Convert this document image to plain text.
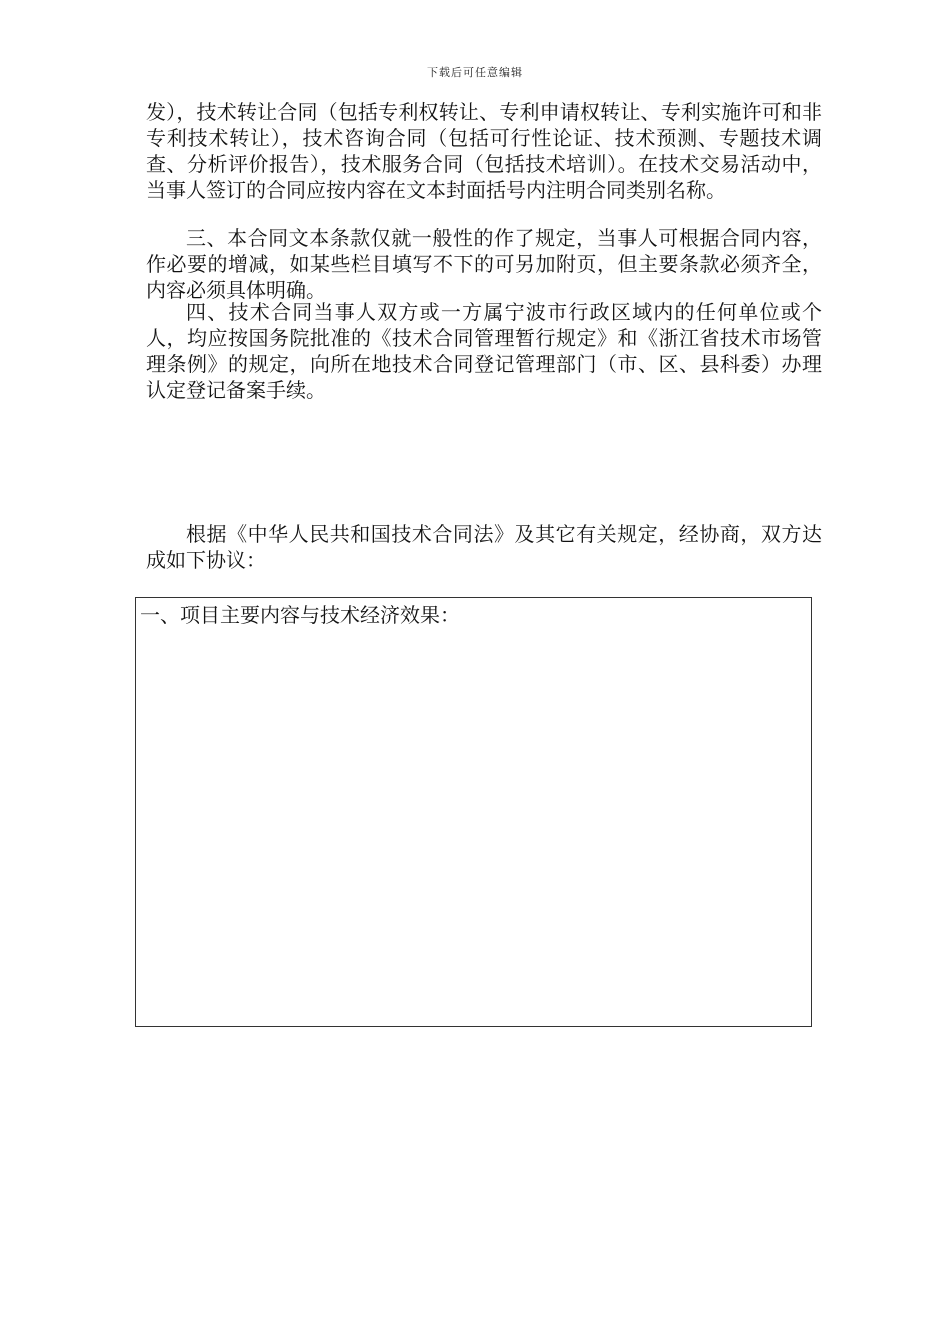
下载后可任意编辑

发），技术转让合同（包括专利权转让、专利申请权转让、专利实施许可和非专利技术转让），技术咨询合同（包括可行性论证、技术预测、专题技术调查、分析评价报告），技术服务合同（包括技术培训）。在技术交易活动中，当事人签订的合同应按内容在文本封面括号内注明合同类别名称。

三、本合同文本条款仅就一般性的作了规定，当事人可根据合同内容，作必要的增减，如某些栏目填写不下的可另加附页，但主要条款必须齐全，内容必须具体明确。

四、技术合同当事人双方或一方属宁波市行政区域内的任何单位或个人，均应按国务院批准的《技术合同管理暂行规定》和《浙江省技术市场管理条例》的规定，向所在地技术合同登记管理部门（市、区、县科委）办理认定登记备案手续。

根据《中华人民共和国技术合同法》及其它有关规定，经协商，双方达成如下协议：

一、项目主要内容与技术经济效果：
